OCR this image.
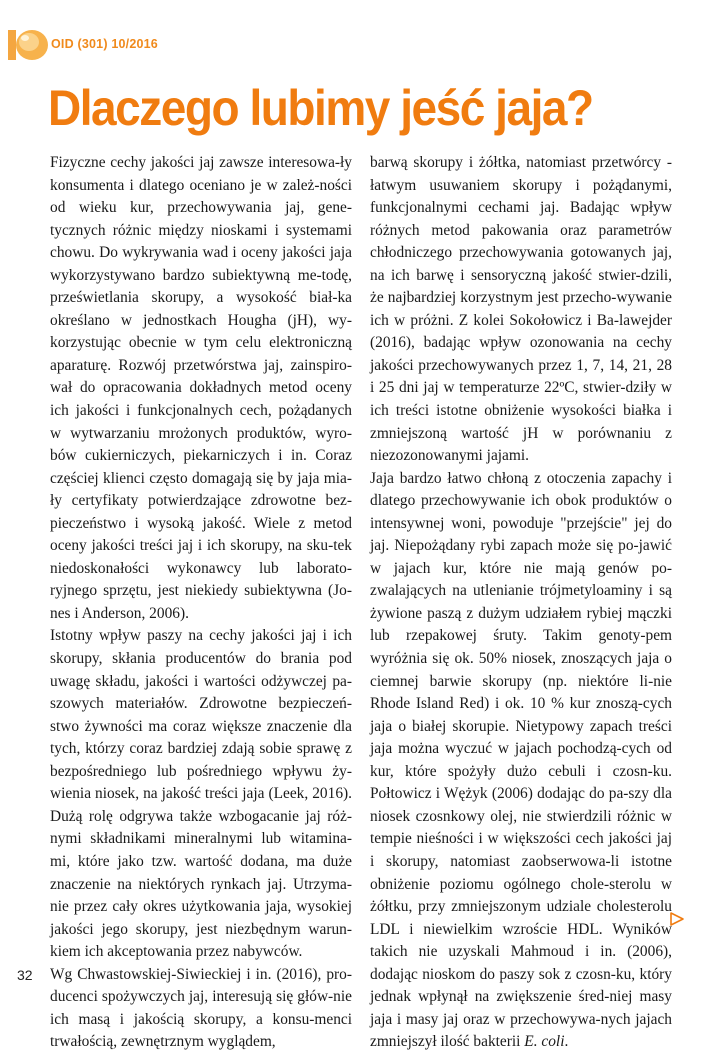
OID (301) 10/2016
Dlaczego lubimy jeść jaja?

Fizyczne cechy jakości jaj zawsze interesowa-ły konsumenta i dlatego oceniano je w zależ-ności od wieku kur, przechowywania jaj, gene-tycznych różnic między nioskami i systemami chowu. Do wykrywania wad i oceny jakości jaja wykorzystywano bardzo subiektywną me-todę, prześwietlania skorupy, a wysokość biał-ka określano w jednostkach Hougha (jH), wy-korzystując obecnie w tym celu elektroniczną aparaturę. Rozwój przetwórstwa jaj, zainspiro-wał do opracowania dokładnych metod oceny ich jakości i funkcjonalnych cech, pożądanych w wytwarzaniu mrożonych produktów, wyro-bów cukierniczych, piekarniczych i in. Coraz częściej klienci często domagają się by jaja mia-ły certyfikaty potwierdzające zdrowotne bez-pieczeństwo i wysoką jakość. Wiele z metod oceny jakości treści jaj i ich skorupy, na sku-tek niedoskonałości wykonawcy lub laborato-ryjnego sprzętu, jest niekiedy subiektywna (Jo-nes i Anderson, 2006).

Istotny wpływ paszy na cechy jakości jaj i ich skorupy, skłania producentów do brania pod uwagę składu, jakości i wartości odżywczej pa-szowych materiałów. Zdrowotne bezpieczeń-stwo żywności ma coraz większe znaczenie dla tych, którzy coraz bardziej zdają sobie sprawę z bezpośredniego lub pośredniego wpływu ży-wienia niosek, na jakość treści jaja (Leek, 2016). Dużą rolę odgrywa także wzbogacanie jaj róż-nymi składnikami mineralnymi lub witamina-mi, które jako tzw. wartość dodana, ma duże znaczenie na niektórych rynkach jaj. Utrzyma-nie przez cały okres użytkowania jaja, wysokiej jakości jego skorupy, jest niezbędnym warun-kiem ich akceptowania przez nabywców.

Wg Chwastowskiej-Siwieckiej i in. (2016), pro-ducenci spożywczych jaj, interesują się głów-nie ich masą i jakością skorupy, a konsu-menci trwałością, zewnętrznym wyglądem,

barwą skorupy i żółtka, natomiast przetwórcy - łatwym usuwaniem skorupy i pożądanymi, funkcjonalnymi cechami jaj. Badając wpływ różnych metod pakowania oraz parametrów chłodniczego przechowywania gotowanych jaj, na ich barwę i sensoryczną jakość stwier-dzili, że najbardziej korzystnym jest przecho-wywanie ich w próżni. Z kolei Sokołowicz i Ba-lawejder (2016), badając wpływ ozonowania na cechy jakości przechowywanych przez 1, 7, 14, 21, 28 i 25 dni jaj w temperaturze 22ºC, stwier-dziły w ich treści istotne obniżenie wysokości białka i zmniejszoną wartość jH w porównaniu z niezozonowanymi jajami.

Jaja bardzo łatwo chłoną z otoczenia zapachy i dlatego przechowywanie ich obok produktów o intensywnej woni, powoduje "przejście" jej do jaj. Niepożądany rybi zapach może się po-jawić w jajach kur, które nie mają genów po-zwalających na utlenianie trójmetyloaminy i są żywione paszą z dużym udziałem rybiej mączki lub rzepakowej śruty. Takim genoty-pem wyróżnia się ok. 50% niosek, znoszących jaja o ciemnej barwie skorupy (np. niektóre li-nie Rhode Island Red) i ok. 10 % kur znoszą-cych jaja o białej skorupie. Nietypowy zapach treści jaja można wyczuć w jajach pochodzą-cych od kur, które spożyły dużo cebuli i czosn-ku. Połtowicz i Wężyk (2006) dodając do pa-szy dla niosek czosnkowy olej, nie stwierdzili różnic w tempie nieśności i w większości cech jakości jaj i skorupy, natomiast zaobserwowa-li istotne obniżenie poziomu ogólnego chole-sterolu w żółtku, przy zmniejszonym udziale cholesterolu LDL i niewielkim wzroście HDL. Wyników takich nie uzyskali Mahmoud i in. (2006), dodając nioskom do paszy sok z czosn-ku, który jednak wpłynął na zwiększenie śred-niej masy jaja i masy jaj oraz w przechowywa-nych jajach zmniejszył ilość bakterii E. coli.

32
